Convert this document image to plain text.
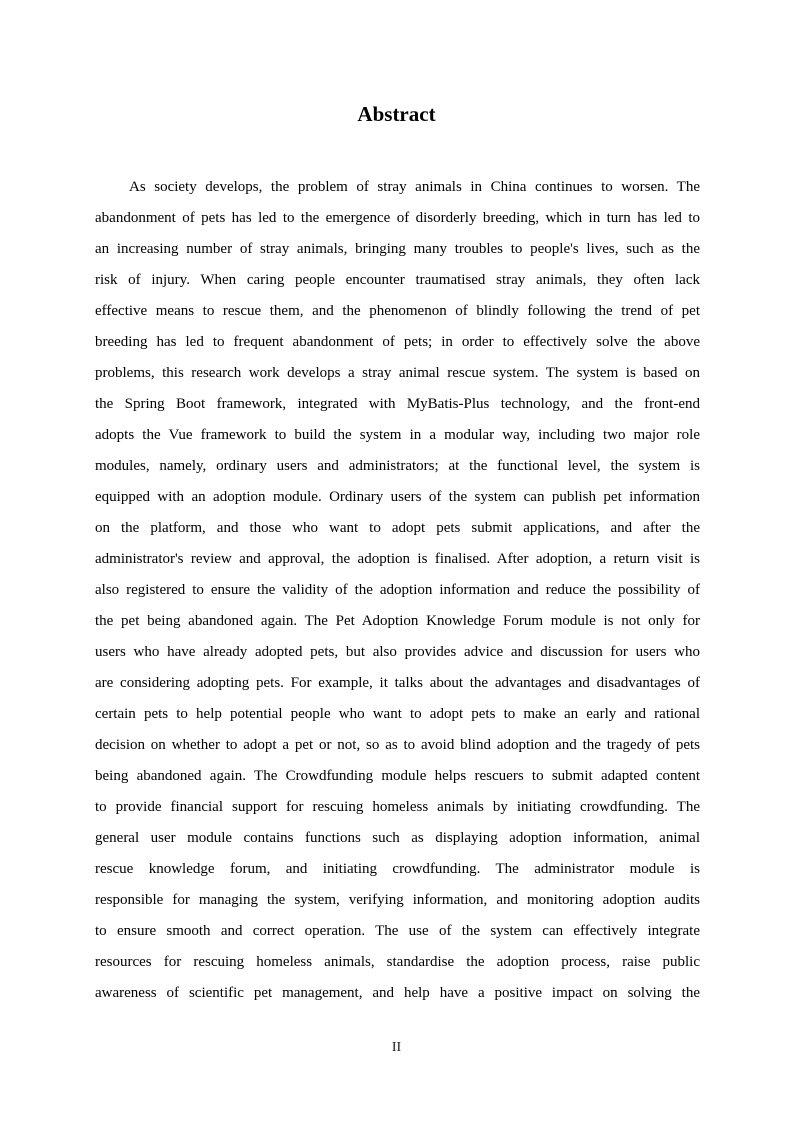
Abstract
As society develops, the problem of stray animals in China continues to worsen. The
abandonment of pets has led to the emergence of disorderly breeding, which in turn has led to
an increasing number of stray animals, bringing many troubles to people's lives, such as the
risk of injury. When caring people encounter traumatised stray animals, they often lack
effective means to rescue them, and the phenomenon of blindly following the trend of pet
breeding has led to frequent abandonment of pets; in order to effectively solve the above
problems, this research work develops a stray animal rescue system. The system is based on
the Spring Boot framework, integrated with MyBatis-Plus technology, and the front-end
adopts the Vue framework to build the system in a modular way, including two major role
modules, namely, ordinary users and administrators; at the functional level, the system is
equipped with an adoption module. Ordinary users of the system can publish pet information
on the platform, and those who want to adopt pets submit applications, and after the
administrator's review and approval, the adoption is finalised. After adoption, a return visit is
also registered to ensure the validity of the adoption information and reduce the possibility of
the pet being abandoned again. The Pet Adoption Knowledge Forum module is not only for
users who have already adopted pets, but also provides advice and discussion for users who
are considering adopting pets. For example, it talks about the advantages and disadvantages of
certain pets to help potential people who want to adopt pets to make an early and rational
decision on whether to adopt a pet or not, so as to avoid blind adoption and the tragedy of pets
being abandoned again. The Crowdfunding module helps rescuers to submit adapted content
to provide financial support for rescuing homeless animals by initiating crowdfunding. The
general user module contains functions such as displaying adoption information, animal
rescue knowledge forum, and initiating crowdfunding. The administrator module is
responsible for managing the system, verifying information, and monitoring adoption audits
to ensure smooth and correct operation. The use of the system can effectively integrate
resources for rescuing homeless animals, standardise the adoption process, raise public
awareness of scientific pet management, and help have a positive impact on solving the
II
